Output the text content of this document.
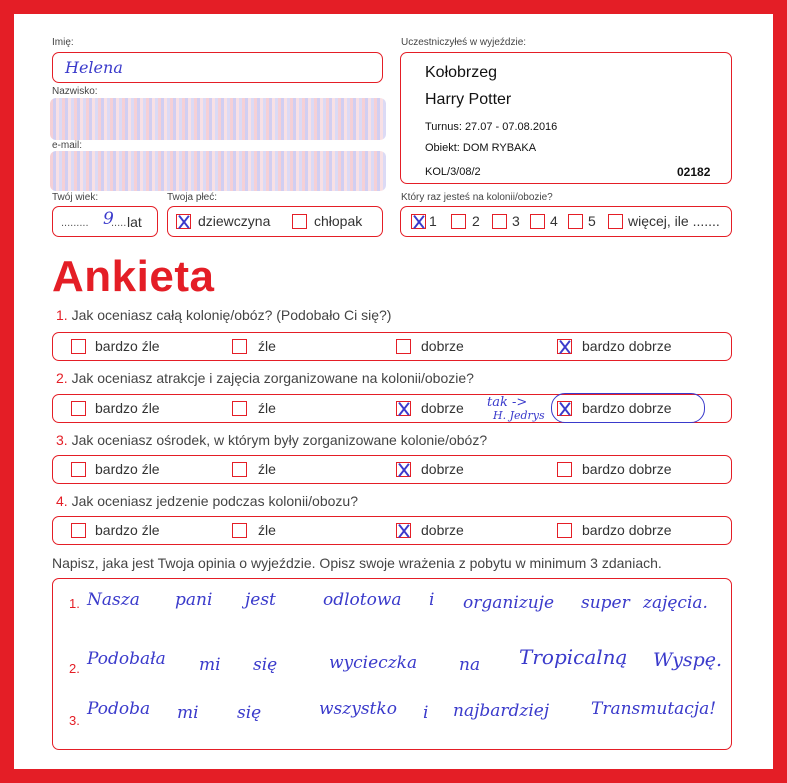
Imię:
Helena
Nazwisko:
e-mail:
Twój wiek:
......... 9
..... lat
Twoja płeć:
dziewczyna	chłopak
Uczestniczyłeś w wyjeździe:
Kołobrzeg
Harry Potter
Turnus: 27.07 - 07.08.2016
Obiekt: DOM RYBAKA
KOL/3/08/2	02182
Który raz jesteś na kolonii/obozie?
1	2 3 4 5 więcej, ile .......
Ankieta
1. Jak oceniasz całą kolonię/obóz? (Podobało Ci się?)
bardzo źle	źle	dobrze	bardzo dobrze
2. Jak oceniasz atrakcje i zajęcia zorganizowane na kolonii/obozie?
bardzo źle	źle	dobrze tak ->
H. Jedrys	bardzo dobrze
3. Jak oceniasz ośrodek, w którym były zorganizowane kolonie/obóz?
bardzo źle	źle	dobrze	bardzo dobrze
4. Jak oceniasz jedzenie podczas kolonii/obozu?
bardzo źle	źle	dobrze	bardzo dobrze
Napisz, jaka jest Twoja opinia o wyjeździe. Opisz swoje wrażenia z pobytu w minimum 3 zdaniach.
1. Nasza pani jest	odlotowa i organizuje super zajęcia.
2. Podobała mi się	wycieczka na Tropicalną Wyspę.
3.
Podoba mi się	wszystko i najbardziej Transmutacja!
